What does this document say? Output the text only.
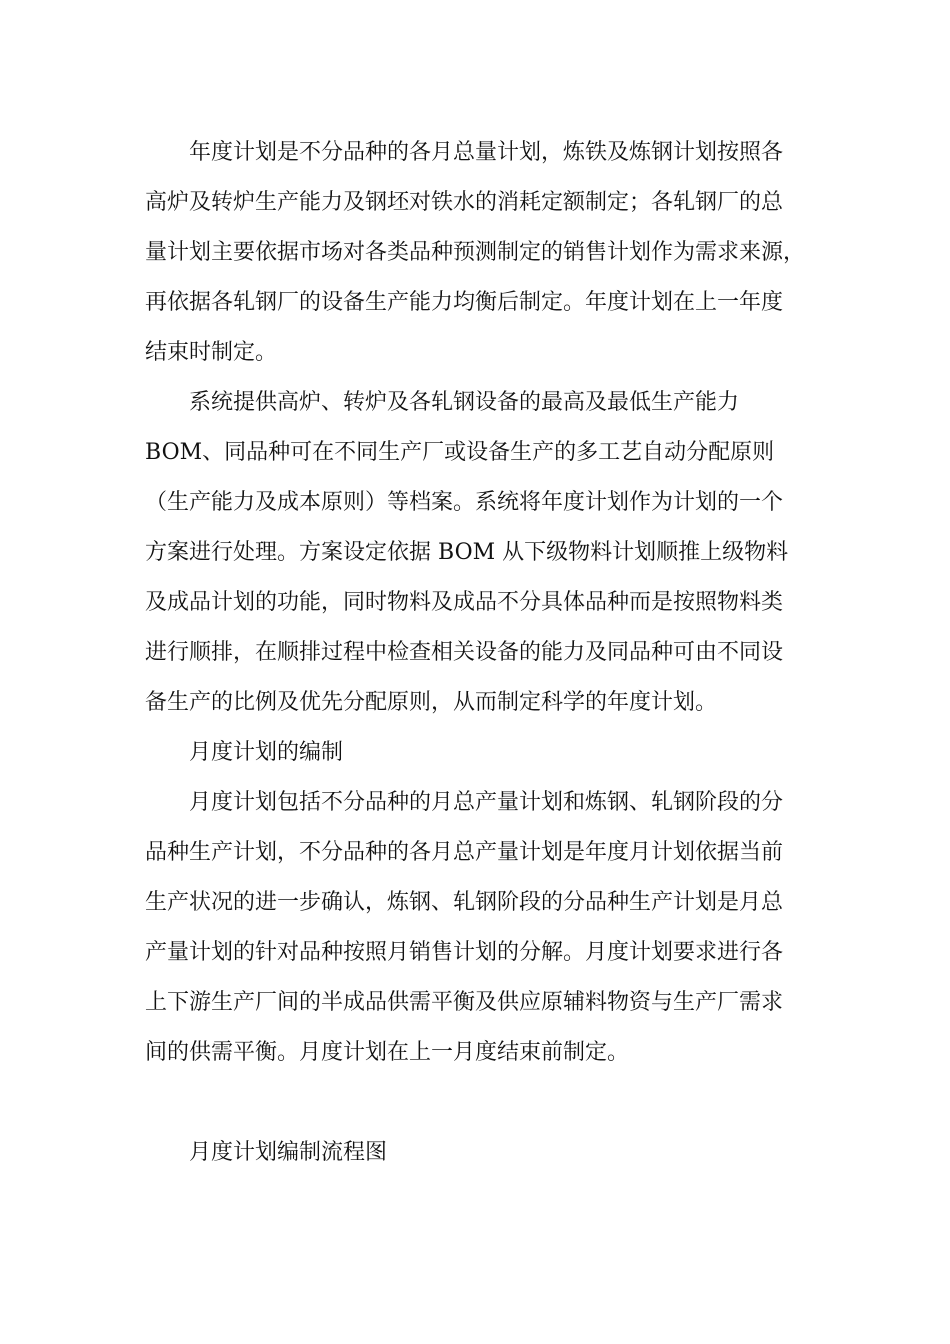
年度计划是不分品种的各月总量计划，炼铁及炼钢计划按照各
高炉及转炉生产能力及钢坯对铁水的消耗定额制定；各轧钢厂的总
量计划主要依据市场对各类品种预测制定的销售计划作为需求来源，
再依据各轧钢厂的设备生产能力均衡后制定。年度计划在上一年度
结束时制定。
系统提供高炉、转炉及各轧钢设备的最高及最低生产能力
BOM、同品种可在不同生产厂或设备生产的多工艺自动分配原则
（生产能力及成本原则）等档案。系统将年度计划作为计划的一个
方案进行处理。方案设定依据 BOM 从下级物料计划顺推上级物料
及成品计划的功能，同时物料及成品不分具体品种而是按照物料类
进行顺排，在顺排过程中检查相关设备的能力及同品种可由不同设
备生产的比例及优先分配原则，从而制定科学的年度计划。
月度计划的编制
月度计划包括不分品种的月总产量计划和炼钢、轧钢阶段的分
品种生产计划，不分品种的各月总产量计划是年度月计划依据当前
生产状况的进一步确认，炼钢、轧钢阶段的分品种生产计划是月总
产量计划的针对品种按照月销售计划的分解。月度计划要求进行各
上下游生产厂间的半成品供需平衡及供应原辅料物资与生产厂需求
间的供需平衡。月度计划在上一月度结束前制定。
月度计划编制流程图
